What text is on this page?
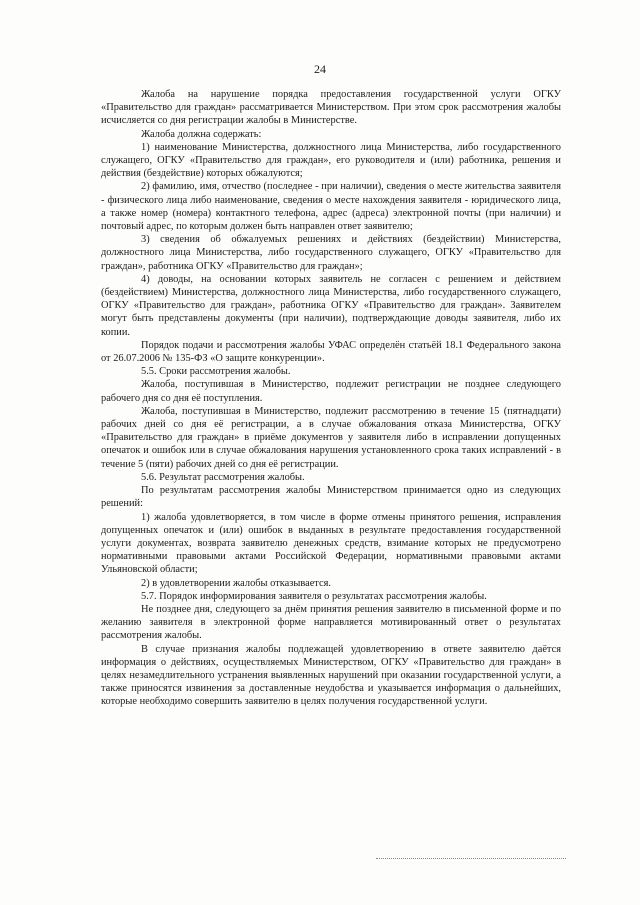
24

Жалоба на нарушение порядка предоставления государственной услуги ОГКУ «Правительство для граждан» рассматривается Министерством. При этом срок рассмотрения жалобы исчисляется со дня регистрации жалобы в Министерстве.

Жалоба должна содержать:

1) наименование Министерства, должностного лица Министерства, либо государственного служащего, ОГКУ «Правительство для граждан», его руководителя и (или) работника, решения и действия (бездействие) которых обжалуются;

2) фамилию, имя, отчество (последнее - при наличии), сведения о месте жительства заявителя - физического лица либо наименование, сведения о месте нахождения заявителя - юридического лица, а также номер (номера) контактного телефона, адрес (адреса) электронной почты (при наличии) и почтовый адрес, по которым должен быть направлен ответ заявителю;

3) сведения об обжалуемых решениях и действиях (бездействии) Министерства, должностного лица Министерства, либо государственного служащего, ОГКУ «Правительство для граждан», работника ОГКУ «Правительство для граждан»;

4) доводы, на основании которых заявитель не согласен с решением и действием (бездействием) Министерства, должностного лица Министерства, либо государственного служащего, ОГКУ «Правительство для граждан», работника ОГКУ «Правительство для граждан». Заявителем могут быть представлены документы (при наличии), подтверждающие доводы заявителя, либо их копии.

Порядок подачи и рассмотрения жалобы УФАС определён статьёй 18.1 Федерального закона от 26.07.2006 № 135-ФЗ «О защите конкуренции».

5.5. Сроки рассмотрения жалобы.

Жалоба, поступившая в Министерство, подлежит регистрации не позднее следующего рабочего дня со дня её поступления.

Жалоба, поступившая в Министерство, подлежит рассмотрению в течение 15 (пятнадцати) рабочих дней со дня её регистрации, а в случае обжалования отказа Министерства, ОГКУ «Правительство для граждан» в приёме документов у заявителя либо в исправлении допущенных опечаток и ошибок или в случае обжалования нарушения установленного срока таких исправлений - в течение 5 (пяти) рабочих дней со дня её регистрации.

5.6. Результат рассмотрения жалобы.

По результатам рассмотрения жалобы Министерством принимается одно из следующих решений:

1) жалоба удовлетворяется, в том числе в форме отмены принятого решения, исправления допущенных опечаток и (или) ошибок в выданных в результате предоставления государственной услуги документах, возврата заявителю денежных средств, взимание которых не предусмотрено нормативными правовыми актами Российской Федерации, нормативными правовыми актами Ульяновской области;

2) в удовлетворении жалобы отказывается.

5.7. Порядок информирования заявителя о результатах рассмотрения жалобы.

Не позднее дня, следующего за днём принятия решения заявителю в письменной форме и по желанию заявителя в электронной форме направляется мотивированный ответ о результатах рассмотрения жалобы.

В случае признания жалобы подлежащей удовлетворению в ответе заявителю даётся информация о действиях, осуществляемых Министерством, ОГКУ «Правительство для граждан» в целях незамедлительного устранения выявленных нарушений при оказании государственной услуги, а также приносятся извинения за доставленные неудобства и указывается информация о дальнейших, которые необходимо совершить заявителю в целях получения государственной услуги.
